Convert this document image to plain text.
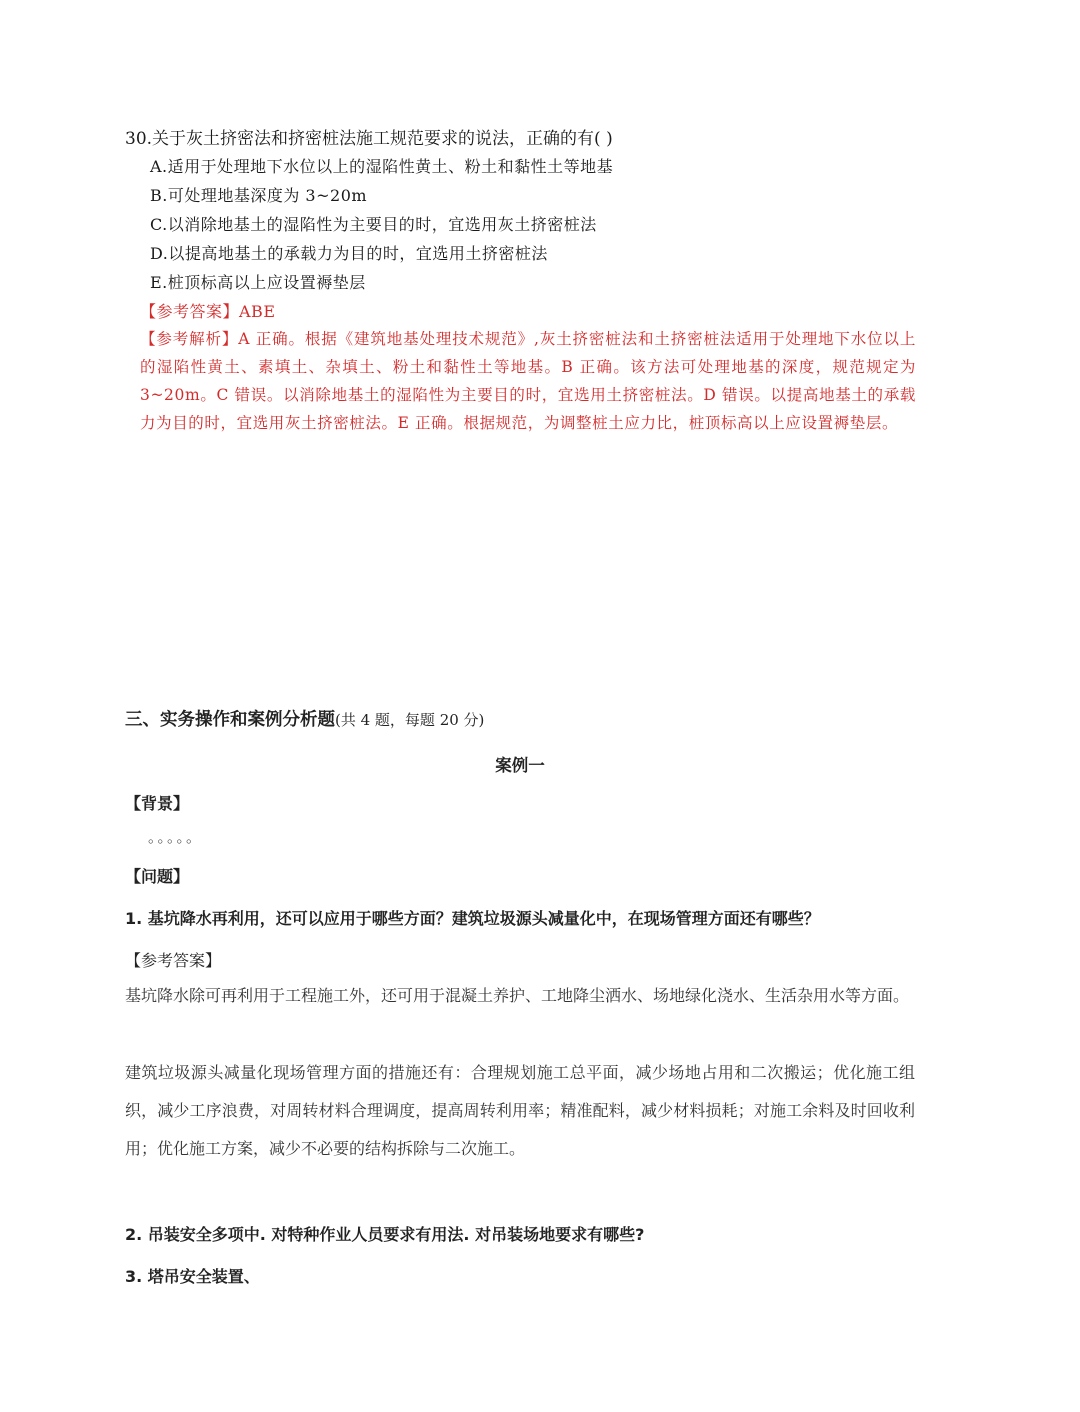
30.关于灰土挤密法和挤密桩法施工规范要求的说法，正确的有( )
A.适用于处理地下水位以上的湿陷性黄土、粉土和黏性土等地基
B.可处理地基深度为 3~20m
C.以消除地基土的湿陷性为主要目的时，宜选用灰土挤密桩法
D.以提高地基土的承载力为目的时，宜选用土挤密桩法
E.桩顶标高以上应设置褥垫层
【参考答案】ABE
【参考解析】A 正确。根据《建筑地基处理技术规范》,灰土挤密桩法和土挤密桩法适用于处理地下水位以上的湿陷性黄土、素填土、杂填土、粉土和黏性土等地基。B 正确。该方法可处理地基的深度，规范规定为 3~20m。C 错误。以消除地基土的湿陷性为主要目的时，宜选用土挤密桩法。D 错误。以提高地基土的承载力为目的时，宜选用灰土挤密桩法。E 正确。根据规范，为调整桩土应力比，桩顶标高以上应设置褥垫层。
三、实务操作和案例分析题(共 4 题，每题 20 分)
案例一
【背景】
。。。。。
【问题】
1. 基坑降水再利用，还可以应用于哪些方面？建筑垃圾源头减量化中，在现场管理方面还有哪些？
【参考答案】
基坑降水除可再利用于工程施工外，还可用于混凝土养护、工地降尘洒水、场地绿化浇水、生活杂用水等方面。
建筑垃圾源头减量化现场管理方面的措施还有：合理规划施工总平面，减少场地占用和二次搬运；优化施工组织，减少工序浪费，对周转材料合理调度，提高周转利用率；精准配料，减少材料损耗；对施工余料及时回收利用；优化施工方案，减少不必要的结构拆除与二次施工。
2. 吊装安全多项中. 对特种作业人员要求有用法. 对吊装场地要求有哪些?
3. 塔吊安全装置、
